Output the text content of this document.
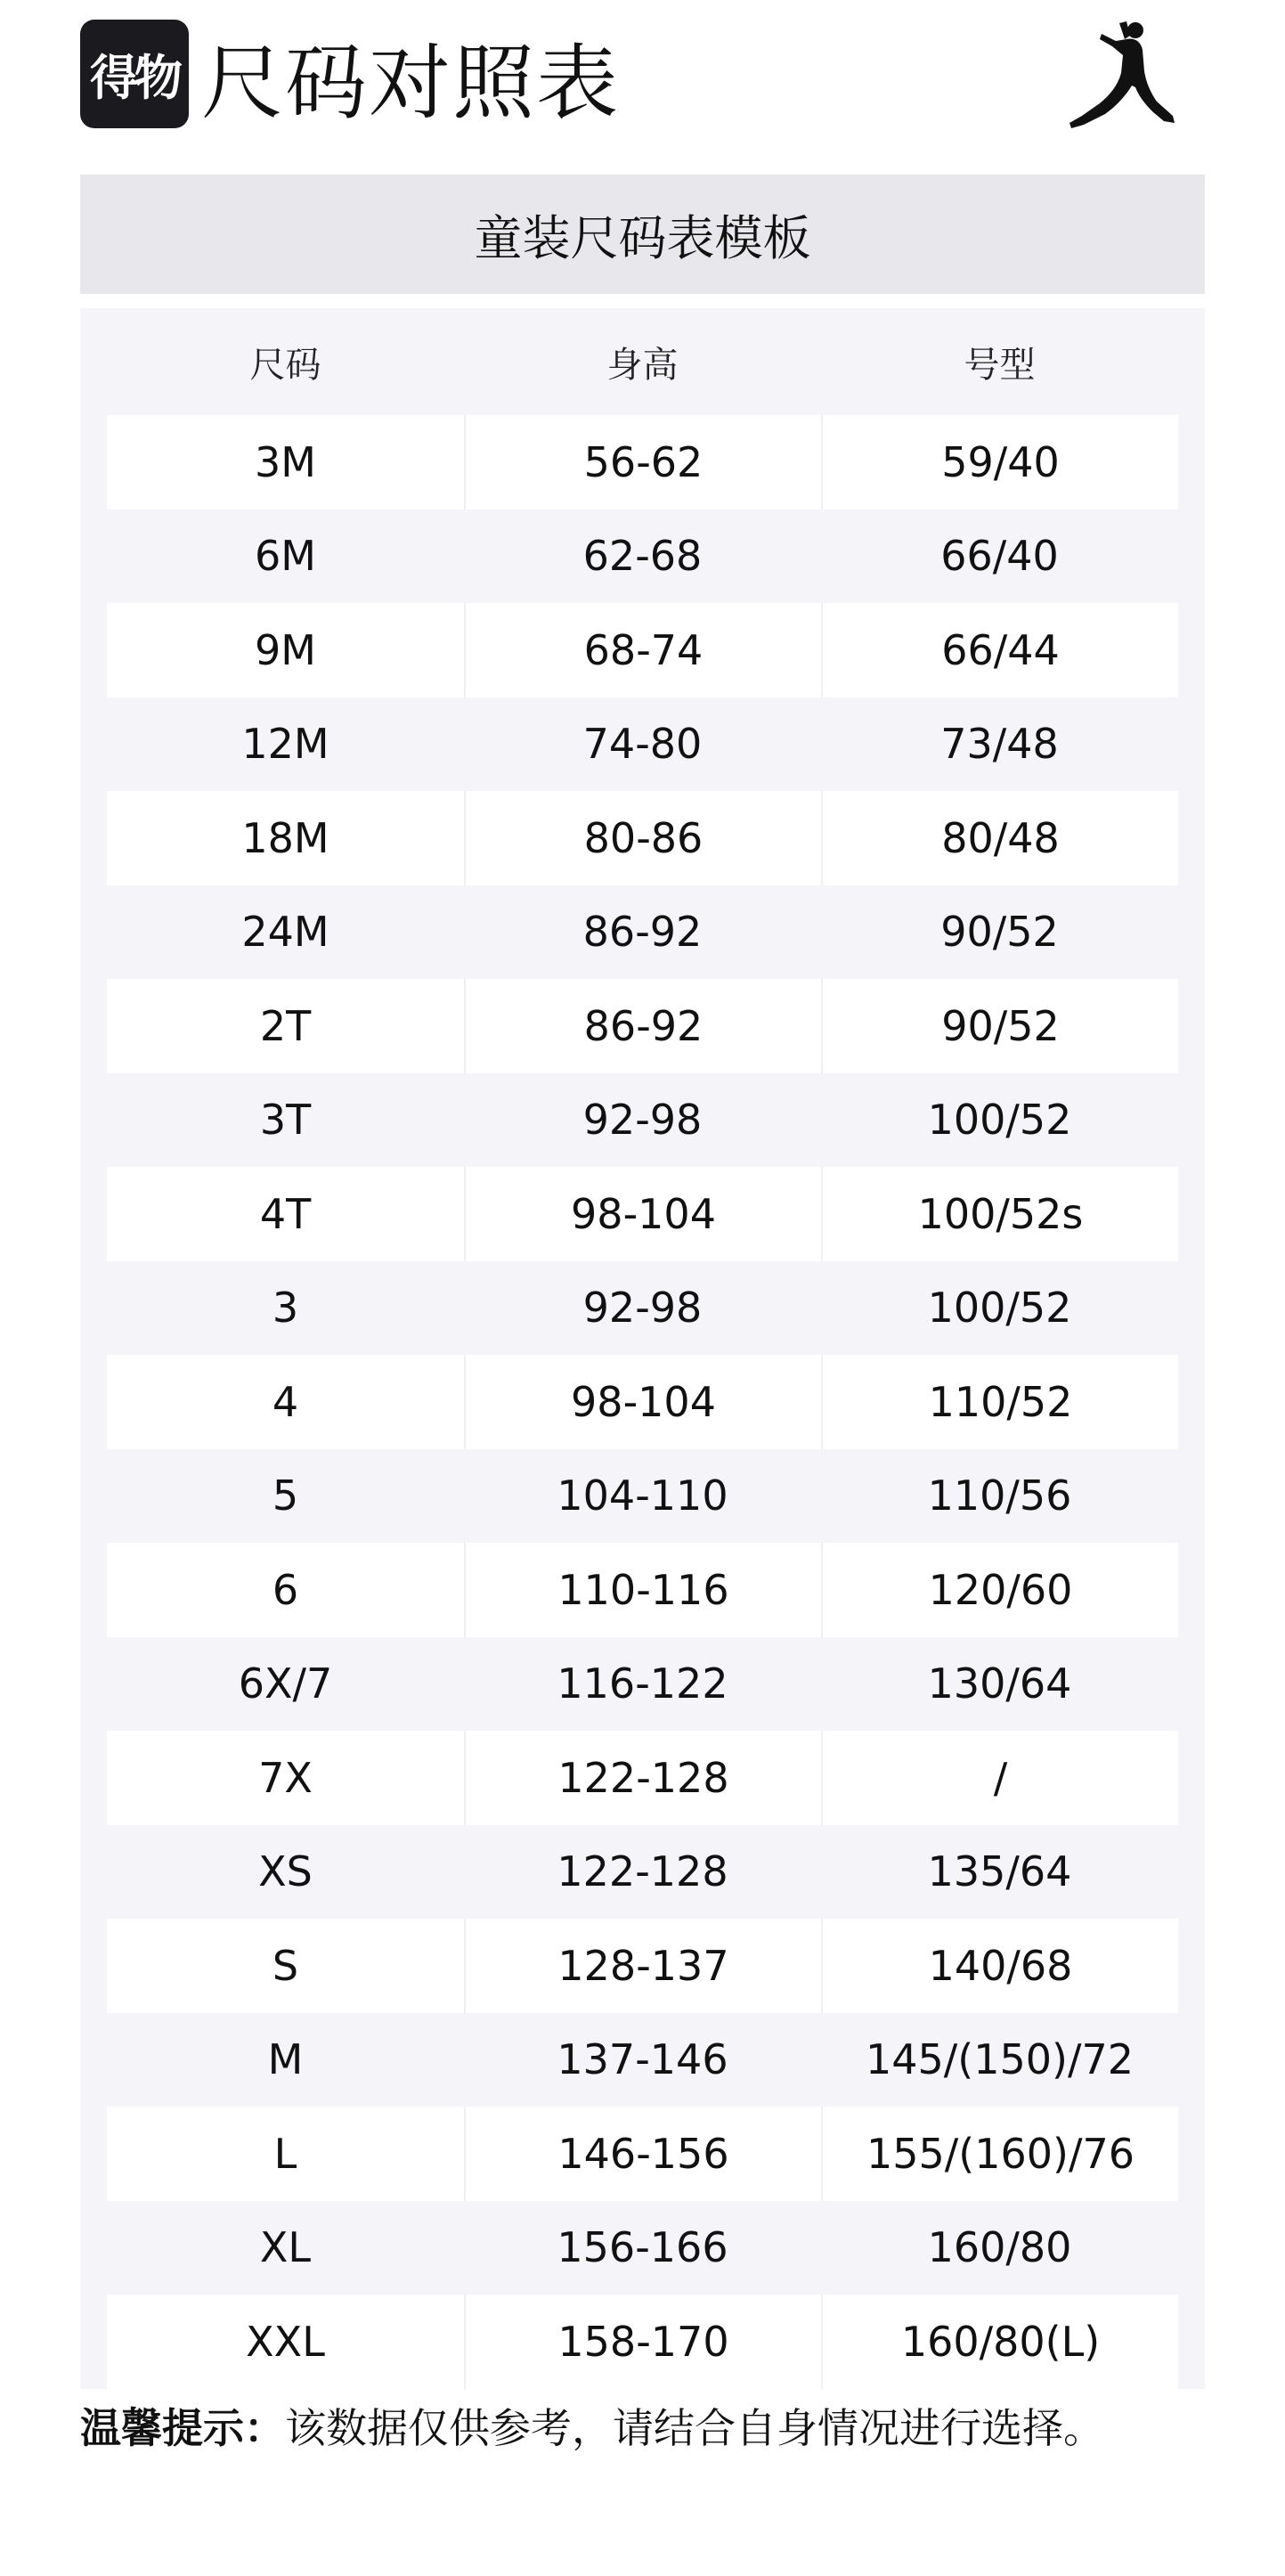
得物 尺码对照表
童装尺码表模板
尺码	身高	号型
3M	56-62	59/40
6M	62-68	66/40
9M	68-74	66/44
12M	74-80	73/48
18M	80-86	80/48
24M	86-92	90/52
2T	86-92	90/52
3T	92-98	100/52
4T	98-104	100/52s
3	92-98	100/52
4	98-104	110/52
5	104-110	110/56
6	110-116	120/60
6X/7	116-122	130/64
7X	122-128	/
XS	122-128	135/64
S	128-137	140/68
M	137-146	145/(150)/72
L	146-156	155/(160)/76
XL	156-166	160/80
XXL	158-170	160/80(L)
温馨提示：该数据仅供参考，请结合自身情况进行选择。
